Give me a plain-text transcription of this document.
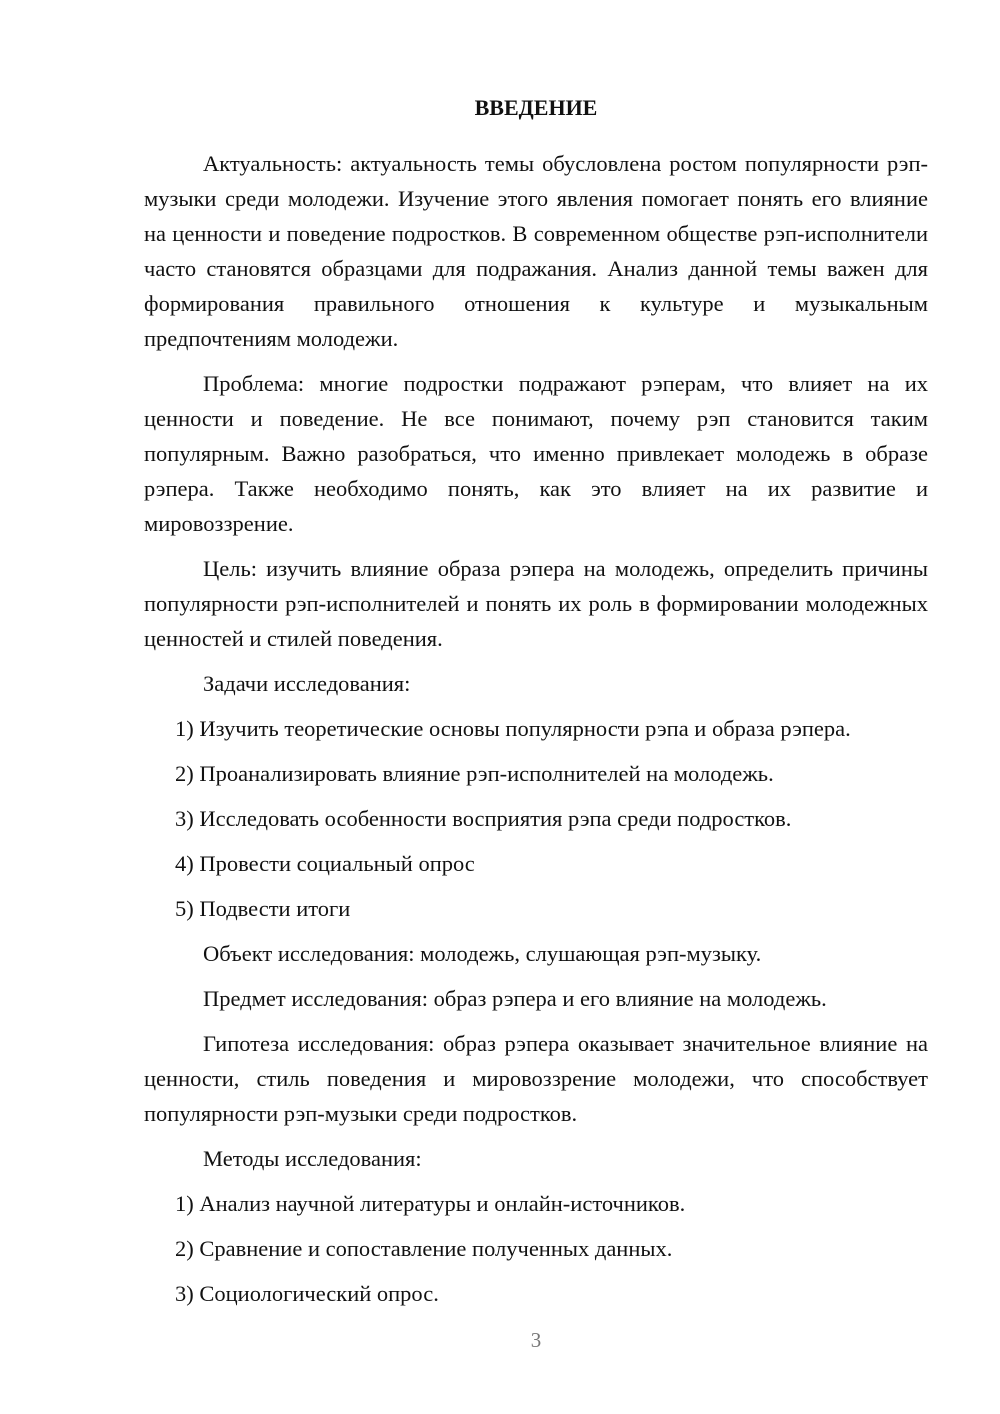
ВВЕДЕНИЕ

Актуальность: актуальность темы обусловлена ростом популярности рэп-музыки среди молодежи. Изучение этого явления помогает понять его влияние на ценности и поведение подростков. В современном обществе рэп-исполнители часто становятся образцами для подражания. Анализ данной темы важен для формирования правильного отношения к культуре и музыкальным предпочтениям молодежи.

Проблема: многие подростки подражают рэперам, что влияет на их ценности и поведение. Не все понимают, почему рэп становится таким популярным. Важно разобраться, что именно привлекает молодежь в образе рэпера. Также необходимо понять, как это влияет на их развитие и мировоззрение.

Цель: изучить влияние образа рэпера на молодежь, определить причины популярности рэп-исполнителей и понять их роль в формировании молодежных ценностей и стилей поведения.

Задачи исследования:

1) Изучить теоретические основы популярности рэпа и образа рэпера.

2) Проанализировать влияние рэп-исполнителей на молодежь.

3) Исследовать особенности восприятия рэпа среди подростков.

4) Провести социальный опрос

5) Подвести итоги

Объект исследования: молодежь, слушающая рэп-музыку.

Предмет исследования: образ рэпера и его влияние на молодежь.

Гипотеза исследования: образ рэпера оказывает значительное влияние на ценности, стиль поведения и мировоззрение молодежи, что способствует популярности рэп-музыки среди подростков.

Методы исследования:

1) Анализ научной литературы и онлайн-источников.

2) Сравнение и сопоставление полученных данных.

3) Социологический опрос.

3
